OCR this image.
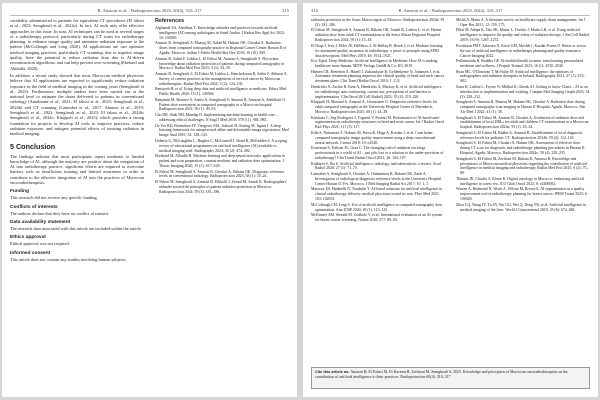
B. Amaoui et al. / Radioprotection 2025, 60(4), 310–317	315

variability administered to patients for equivalent CT procedures (El fahssi et al., 2023; Semghouli et al., 2024a). In fact, AI tools may offer effective approaches to this issue. In sum, AI techniques can be used at several stages of a radiotherapy protocol, particularly during CT scans for radiotherapy planning, to enhance image quality and minimize radiation exposure to the patient (McCollough and Leng 2020). AI applications are can optimize medical imaging practices, particularly CT scanning, due to superior image quality, have the potential to reduce radiation dose due to AI-driven reconstruction algorithms, and can help prevent over-screening (Ebehard and Alkhalfa, 2020).

In addition, a recent study showed that most Moroccan medical physicists believe that AI applications are expected to significantly reduce radiation exposure in the field of medical imaging in the coming years (Semghouli et al., 2025). Furthermore, multiple studies have been carried out at the national level to estimate the doses delivered to patients in conventional radiology (Amalmane et al., 2021; El fahssi et al., 2023; Semghouli et al., 2024b) and CT scanning (Lamrabet et al., 2017; Amaoui et al., 2019; Semghouli et al., 2022; Semghouli et al., 2023; El fahssi et al., 2024b; Semghouli et al., 2024c; Khajipeli et al., 2025), which provides a strong foundation for projects to develop AI tools to improve practices, reduce radiation exposure, and mitigate potential effects of ionizing radiation in medical imaging.

5 Conclusion

The findings indicate that most participants report moderate to limited knowledge of AI, although the majority are positive about the integration of AI into radiotherapy practice, significant efforts are required to overcome barriers such as insufficient training and limited awareness in order to contribute to the effective integration of AI into the practices of Moroccan oncoradiotherapists.

Funding

This research did not receive any specific funding.

Conflicts of interests

The authors declare that they have no conflict of interest.

Data availability statement

The research data associated with this article are included within the article.

Ethics approval

Ethical approval was not required.

Informed consent

This article does not contain any studies involving human subjects.

References

Alghamdi SA, Alashban Y. Knowledge attitudes and practices towards artificial intelligence (AI) among radiologists in Saudi Arabia. J Radiat Res Appl Sci 2023; 16: 100569.

Amaoui B, Semghouli S, Maaouj M, Aabid M, Hakam OK, Choukri A. Radiation doses from computed tomography practice in Regional Cancer Center Hassan II of Agadir, Morocco. Indian J Public Health Res Dev 2019; 10 (10): 829.

Amaoui B, Safini F, Lahlou L, El Fahssi M, Amaoui S, Semghouli S. Physicians knowledge about radiation protection of patients during computed tomography in Morocco. Radiat Med Prot 2023; 4 (1): 34–39.

Amaoui B, Semghouli S, El Fahssi M, Lahlou L, Benchekroun R, Safini F, Abbassi A. Survey of current practices in the management of cervical cancer by Moroccan radiotherapists. Radiat Med Prot 2024; 5 (2): 124–130.

Bentayeb H, et al. Using deep data and artificial intelligence in medicine. Ethics Med Public Health 2020; 15 (1): 100564.

Benjamin M, Sharaev A, Andro A, Semghouli S, Amaoui B, Amaoui A, Abdellatif O. Patient dose assessment in computed tomography in a Moroccan hospital. Radioprotection 2021; 56 (1): 49–53.

Cho DB, Shah NH, Mandap D. Implementing machine learning in health care – addressing ethical challenges. N Engl J Med 2018; 378 (11): 981–983.

De Vos BD, Berendsen FF, Viergever MA, Sokooti H, Staring M, Isgum I. A deep learning framework for unsupervised affine and deformable image registration. Med Image Anal 2019; 52: 128–143.

Doherty G, McLaughlin L, Hughes C, McConnell J, Bond R, McFadden S. A scoping review of educational programmes on artificial intelligence (AI) available to medical imaging staff. Radiography 2024; 30 (2): 474–482.

Eberhard M, Alkadhi H. Machine learning and deep neural networks: applications in patient and scan preparation, contrast medium, and radiation dose optimization. J Thorac Imaging 2020; 35 (1): S17–S20.

El Fahssi M, Semghouli S, Amaoui B, Choukri A, Hakam OK. Diagnostic reference levels in conventional radiology. Radioprotection 2023; 58 (1): 19–24.

El Fahssi M, Semghouli S, Amaoui B, Elkhalfi J, Zerrad M, Jouadi K. Radiographers' attitudes toward the principles of patient radiation protection in Morocco. Radioprotection 2024; 59 (3): 181–186.

316	B. Amaoui et al. / Radioprotection 2025, 60(4), 310–317

radiation protection in the Souss Massa region of Morocco. Radioprotection 2024a; 59 (3): 181–186.

El Fahssi M, Semghouli S, Amaoui B, Hakam OK, Jouadi K, Lahlou L, et al. Patient radiation dose from adult CT examinations at the Souss Massa Regional Hospital. Radioprotection 2024; 59 (1): 15–18.

El Naqa I, Ivey J, Elder JE, DeMarco J, Al-Hallaq H, Berek J, et al. Machine learning for automated quality assurance in radiotherapy: a proof of principle using EPID data description. Med Phys 2019; 46: 1914–1921.

Eric Topol. Deep Medicine: Artificial Intelligence in Medicine: How AI is making healthcare more human. MITP-Verlags GmbH & Co. KG 2019.

Hansen CR, Bertelsen A, Hazell I, Zukauskaite R, Gyldenkerne N, Johansen J, et al. Automatic treatment planning improves the clinical quality of head and neck cancer treatment plans. Clin Transl Radiat Oncol 2016; 1: 2–8.

Hendricks A, Zachte R, Kent A, Hendricks A, Mackay K, et al. Artificial intelligence for radiotherapy auto-contouring: current use, perceptions of and barriers to implementation. Clin Oncol (R Coll Radiol) 2023; 35 (4): 219–226.

Khajipeli H, Mouaad A, Amaoui A, Lhoussaine O. Diagnostic reference levels for adult computed tomography at the University Hospital Center of Marrakech, Morocco. Radioprotection 2025; 60 (1): 44–49.

Kiesbaaz C, Seg Rodriguez J, Tognetti V, Pesenti M. Performance of AI-based auto-segmentation on radiotherapy structures in head and neck cancer. Int J Radiat Oncol Biol Phys 2021; 111 (3): 117.

Kida S, Nakamoto T, Nakano M, Nawa K, Haga A, Kotoku J, et al. Cone beam computed tomography image quality improvement using a deep convolutional neural network. Cureus 2018; 10: e2548.

Korreman S, Eriksen JG, Grau C. The changing role of radiation oncology professionals in a world of AI – just jobs lost or a solution to the under-provision of radiotherapy? Clin Transl Radiat Oncol 2021; 26: 104–107.

Kulkarni S, Jha S. Artificial intelligence, radiology, and tuberculosis: a review. Acad Radiol 2020; 27 (1): 71–75.

Lamrabet A, Semghouli S, Choukri A, Ouhammou B, Hakam OK, Zaidi A. Investigation of radiological diagnostic reference levels in the University Hospital Center Hassan II, Fes, Morocco. J Med Imaging Radiat Sci 2017; 10: 1–7.

Mansoor ES, Hadmelli N, Tarabulsi Y. AI-based solutions for artificial intelligence in clinical radiotherapy delivery: medical physicists in and its way. Phys Med 2021; 103: 102653.

McCollough CH, Leng S. Use of artificial intelligence in computed tomography dose optimisation. Ann ICRP 2020; 49 (1): 113–125.

McKinney SM, Sieniek M, Godbole V, et al. International evaluation of an AI system for breast cancer screening. Nature 2020; 577: 89–94.

Mirali A, Manu A. A literature survey on healthcare supply chain management. Int J Oper Res 2021; 12: 159–175.

Pillai M, Adapa K, Das SK, Mazur L, Dooley J, Marks LB, et al. Using artificial intelligence to improve the quality and safety of radiation therapy. J Am Coll Radiol 2019; 16 (9): 1267–1272.

Pooshiaan PMT, Salavara N, Kirsh GM, Mosleh I, Kazdar Povnn O. Better or worse: the use of artificial intelligence in radiotherapy planning and quality assurance. Cancer Imaging 2022.

Pollamnoidu B, Buddha GP. AI-enabled health systems: transforming personalized medicine and wellness. J Prepub Technol 2023; 16 (1): 4530–4538.

Ryan ML, O'Donovan T, McNulty JP. Artificial intelligence: the opinions of radiographers and radiation therapists in Ireland. Radiography 2021; 27 (1): S74–S82.

Sarra R, Lahlou L, Feysse N, Midhal K, Ghenk AJ. Getting to know Clarix – AI as an introduction to implementation and working. Comput Med Imaging Graph 2023; 34 (3): 228–232.

Semghouli S, Amaoui B, Maaouj M, Hakam OK, Choukri A. Radiation dose during computed tomography scan imaging in Hassan II Hospital, Agadir, Morocco. Pan Afr Med J 2022; 41 (1): 38.

Semghouli S, El Fahssi M, Amaoui B, Choukri A. Evaluation of radiation dose and establishment of local DRLs for adult and children CT examinations in a Moroccan hospital. Radioprotection 2024a; 59 (1): 29–34.

Semghouli S, El Fahssi M, Bakhti A, Amaoui B. Establishment of local diagnostic reference levels for pediatric CT. Radioprotection 2024b; 59 (2): 112–118.

Semghouli S, El Fahssi M, Choukri A, Hakam OK. Assessment of effective dose during CT scan for diagnostic and radiotherapy planning procedures in Hassan II Hospital, Agadir, Morocco. Radioprotection 2024c; 59 (4): 229–235.

Semghouli S, El Fahssi M, Zerfaoui M, Hakam K, Amaoui B. Knowledge and perceptions of Moroccan medical physicists regarding the contribution of artificial intelligence in medical imaging and radiotherapy. Radiat Med Prot 2025; 6 (2): 75–80.

Thimmi JK, Chacko S, Khare R. Digital oncology in Morocco: embracing artificial intelligence in a new era. JCO Glob Oncol 2022; 8: e2400082.

Warren A, Redmond N, Wook A, Wilson M, Brown E. AI segmentation as a quality improvement tool in radiotherapy planning for breast cancer. IPEM Transl 2023; 6: 100020.

Zhou LQ, Wang JY, Yu SY, Wu GG, Wei Q, Deng YB, et al. Artificial intelligence in medical imaging of the liver. World J Gastroenterol 2019; 25 (6): 672–682.

Cite this article as: Amaoui B, El Fahssi M, El Kacemi H, Zerfaoui M, Semghouli S. 2025. Knowledge and perception of Moroccan oncoradiotherapists on the contribution of artificial intelligence to their practices. Radioprotection 60(4): 310–317
